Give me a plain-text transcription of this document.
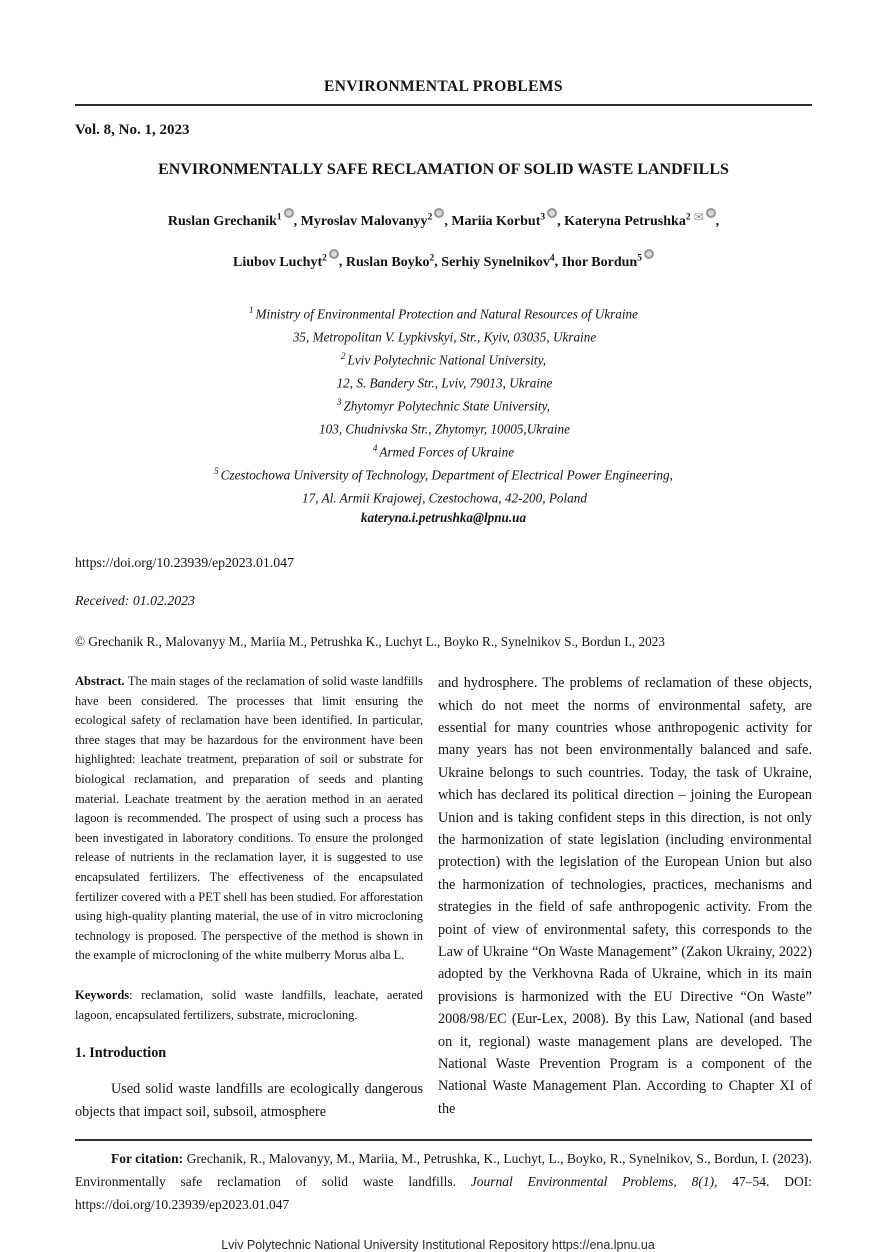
ENVIRONMENTAL PROBLEMS
Vol. 8, No. 1, 2023
ENVIRONMENTALLY SAFE RECLAMATION OF SOLID WASTE LANDFILLS
Ruslan Grechanik$^1$ , Myroslav Malovanyy$^2$ , Mariia Korbut$^3$ , Kateryna Petrushka$^2$ ✉ ,
Liubov Luchyt$^2$ , Ruslan Boyko$^2$, Serhiy Synelnikov$^4$, Ihor Bordun$^5$
$^1$ Ministry of Environmental Protection and Natural Resources of Ukraine
35, Metropolitan V. Lypkivskyi, Str., Kyiv, 03035, Ukraine
$^2$ Lviv Polytechnic National University,
12, S. Bandery Str., Lviv, 79013, Ukraine
$^3$ Zhytomyr Polytechnic State University,
103, Chudnivska Str., Zhytomyr, 10005,Ukraine
$^4$ Armed Forces of Ukraine
$^5$ Czestochowa University of Technology, Department of Electrical Power Engineering,
17, Al. Armii Krajowej, Czestochowa, 42-200, Poland
kateryna.i.petrushka@lpnu.ua
https://doi.org/10.23939/ep2023.01.047
Received: 01.02.2023
© Grechanik R., Malovanyy M., Mariia M., Petrushka K., Luchyt L., Boyko R., Synelnikov S., Bordun I., 2023

Abstract. The main stages of the reclamation of solid waste landfills have been considered. The processes that limit ensuring the ecological safety of reclamation have been identified. In particular, three stages that may be hazardous for the environment have been highlighted: leachate treatment, preparation of soil or substrate for biological reclamation, and preparation of seeds and planting material. Leachate treatment by the aeration method in an aerated lagoon is recommended. The prospect of using such a process has been investigated in laboratory conditions. To ensure the prolonged release of nutrients in the reclamation layer, it is suggested to use encapsulated fertilizers. The effectiveness of the encapsulated fertilizer covered with a PET shell has been studied. For afforestation using high-quality planting material, the use of in vitro microcloning technology is proposed. The perspective of the method is shown in the example of microcloning of the white mulberry Morus alba L.

Keywords: reclamation, solid waste landfills, leachate, aerated lagoon, encapsulated fertilizers, substrate, microcloning.

1. Introduction

Used solid waste landfills are ecologically dangerous objects that impact soil, subsoil, atmosphere

and hydrosphere. The problems of reclamation of these objects, which do not meet the norms of environmental safety, are essential for many countries whose anthropogenic activity for many years has not been environmentally balanced and safe. Ukraine belongs to such countries. Today, the task of Ukraine, which has declared its political direction – joining the European Union and is taking confident steps in this direction, is not only the harmonization of state legislation (including environmental protection) with the legislation of the European Union but also the harmonization of technologies, practices, mechanisms and strategies in the field of safe anthropogenic activity. From the point of view of environmental safety, this corresponds to the Law of Ukraine “On Waste Management” (Zakon Ukrainy, 2022) adopted by the Verkhovna Rada of Ukraine, which in its main provisions is harmonized with the EU Directive “On Waste” 2008/98/EC (Eur-Lex, 2008). By this Law, National (and based on it, regional) waste management plans are developed. The National Waste Prevention Program is a component of the National Waste Management Plan. According to Chapter XI of the

For citation: Grechanik, R., Malovanyy, M., Mariia, M., Petrushka, K., Luchyt, L., Boyko, R., Synelnikov, S., Bordun, I. (2023). Environmentally safe reclamation of solid waste landfills. Journal Environmental Problems, 8(1), 47–54. DOI: https://doi.org/10.23939/ep2023.01.047

Lviv Polytechnic National University Institutional Repository https://ena.lpnu.ua
